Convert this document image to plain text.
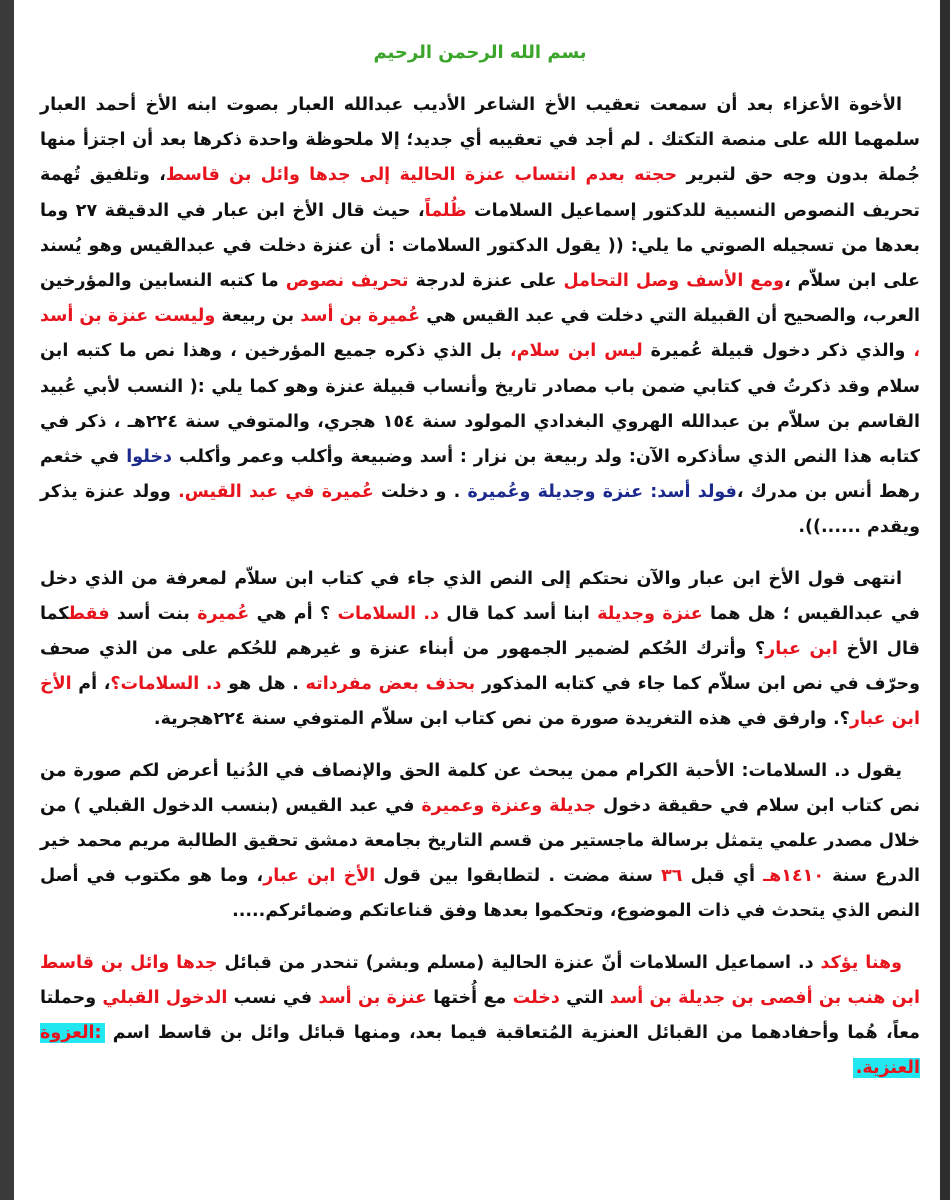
بسم الله الرحمن الرحيم

الأخوة الأعزاء بعد أن سمعت تعقيب الأخ الشاعر الأديب عبدالله العبار بصوت ابنه الأخ أحمد العبار سلمهما الله على منصة التكتك . لم أجد في تعقيبه أي جديد؛ إلا ملحوظة واحدة ذكرها بعد أن اجتزأ منها جُملة بدون وجه حق لتبرير حجته بعدم انتساب عنزة الحالية إلى جدها وائل بن قاسط، وتلفيق تُهمة تحريف النصوص النسبية للدكتور إسماعيل السلامات ظُلماً، حيث قال الأخ ابن عبار في الدقيقة ٢٧ وما بعدها من تسجيله الصوتي ما يلي: (( يقول الدكتور السلامات : أن عنزة دخلت في عبدالقيس وهو يُسند على ابن سلاّم ،ومع الأسف وصل التحامل على عنزة لدرجة تحريف نصوص ما كتبه النسابين والمؤرخين العرب، والصحيح أن القبيلة التي دخلت في عبد القيس هي عُميرة بن أسد بن ربيعة وليست عنزة بن أسد ، والذي ذكر دخول قبيلة عُميرة ليس ابن سلام، بل الذي ذكره جميع المؤرخين ، وهذا نص ما كتبه ابن سلام وقد ذكرتُ في كتابي ضمن باب مصادر تاريخ وأنساب قبيلة عنزة وهو كما يلي :( النسب لأبي عُبيد القاسم بن سلاّم بن عبدالله الهروي البغدادي المولود سنة ١٥٤ هجري، والمتوفي سنة ٢٢٤هـ ، ذكر في كتابه هذا النص الذي سأذكره الآن: ولد ربيعة بن نزار : أسد وضبيعة وأكلب وعمر وأكلب دخلوا في خثعم رهط أنس بن مدرك ،فولد أسد: عنزة وجديلة وعُميرة . و دخلت عُميرة في عبد القيس. وولد عنزة يذكر ويقدم ......)).

انتهى قول الأخ ابن عبار والآن نحتكم إلى النص الذي جاء في كتاب ابن سلاّم لمعرفة من الذي دخل في عبدالقيس ؛ هل هما عنزة وجديلة ابنا أسد كما قال د. السلامات ؟ أم هي عُميرة بنت أسد فقطكما قال الأخ ابن عبار؟ وأترك الحُكم لضمير الجمهور من أبناء عنزة و غيرهم للحُكم على من الذي صحف وحرّف في نص ابن سلاّم كما جاء في كتابه المذكور بحذف بعض مفرداته . هل هو د. السلامات؟، أم الأخ ابن عبار؟. وارفق في هذه التغريدة صورة من نص كتاب ابن سلاّم المتوفي سنة ٢٢٤هجرية.

يقول د. السلامات: الأحبة الكرام ممن يبحث عن كلمة الحق والإنصاف في الدُنيا أعرض لكم صورة من نص كتاب ابن سلام في حقيقة دخول جديلة وعنزة وعميرة في عبد القيس (بنسب الدخول القبلي ) من خلال مصدر علمي يتمثل برسالة ماجستير من قسم التاريخ بجامعة دمشق تحقيق الطالبة مريم محمد خير الدرع سنة ١٤١٠هـ أي قبل ٣٦ سنة مضت . لتطابقوا بين قول الأخ ابن عبار، وما هو مكتوب في أصل النص الذي يتحدث في ذات الموضوع، وتحكموا بعدها وفق قناعاتكم وضمائركم.....

وهنا يؤكد د. اسماعيل السلامات أنّ عنزة الحالية (مسلم وبشر) تنحدر من قبائل جدها وائل بن قاسط ابن هنب بن أفصى بن جديلة بن أسد التي دخلت مع أُختها عنزة بن أسد في نسب الدخول القبلي وحملتا معاً، هُما وأحفادهما من القبائل العنزية المُتعاقبة فيما بعد، ومنها قبائل وائل بن قاسط اسم :العزوة العنزية.
